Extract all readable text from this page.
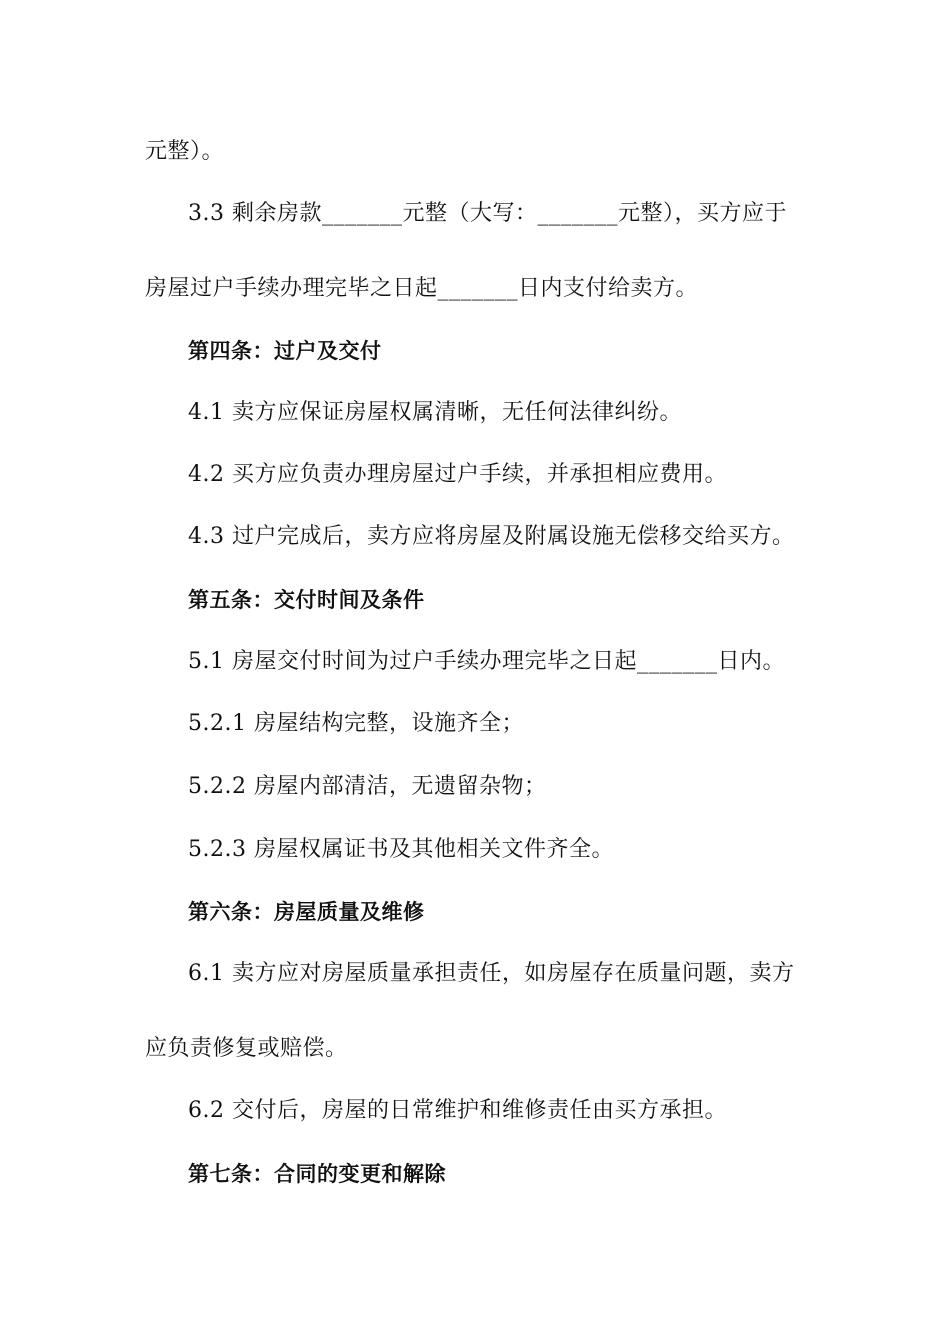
元整）。
3.3 剩余房款_______元整（大写：_______元整），买方应于
房屋过户手续办理完毕之日起_______日内支付给卖方。
第四条：过户及交付
4.1 卖方应保证房屋权属清晰，无任何法律纠纷。
4.2 买方应负责办理房屋过户手续，并承担相应费用。
4.3 过户完成后，卖方应将房屋及附属设施无偿移交给买方。
第五条：交付时间及条件
5.1 房屋交付时间为过户手续办理完毕之日起_______日内。
5.2.1 房屋结构完整，设施齐全；
5.2.2 房屋内部清洁，无遗留杂物；
5.2.3 房屋权属证书及其他相关文件齐全。
第六条：房屋质量及维修
6.1 卖方应对房屋质量承担责任，如房屋存在质量问题，卖方
应负责修复或赔偿。
6.2 交付后，房屋的日常维护和维修责任由买方承担。
第七条：合同的变更和解除
